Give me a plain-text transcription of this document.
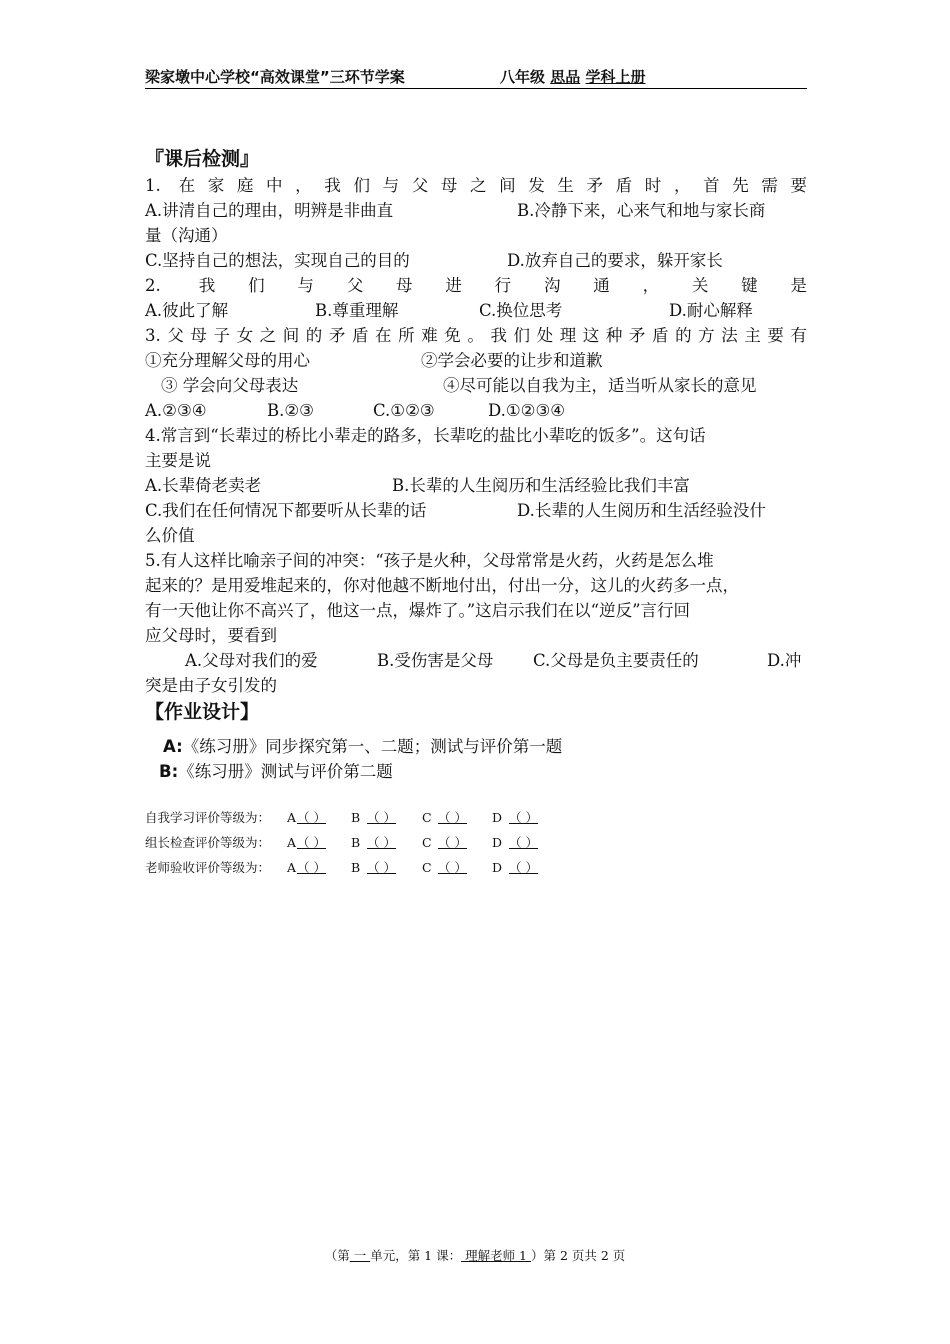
梁家墩中心学校“高效课堂”三环节学案	八年级 思品 学科上册
『课后检测』
1. 在家庭中，我们与父母之间发生矛盾时，首先需要
A.讲清自己的理由，明辨是非曲直	B.冷静下来，心来气和地与家长商
量（沟通）
C.坚持自己的想法，实现自己的目的	D.放弃自己的要求，躲开家长
2. 我们与父母进行沟通，关键是
A.彼此了解	B.尊重理解	C.换位思考	D.耐心解释
3.父母子女之间的矛盾在所难免。我们处理这种矛盾的方法主要有
①充分理解父母的用心	②学会必要的让步和道歉
③ 学会向父母表达	④尽可能以自我为主，适当听从家长的意见
A.②③④	B.②③	C.①②③	D.①②③④
4.常言到“长辈过的桥比小辈走的路多，长辈吃的盐比小辈吃的饭多”。这句话
主要是说
A.长辈倚老卖老	B.长辈的人生阅历和生活经验比我们丰富
C.我们在任何情况下都要听从长辈的话	D.长辈的人生阅历和生活经验没什
么价值
5.有人这样比喻亲子间的冲突：“孩子是火种，父母常常是火药，火药是怎么堆
起来的？是用爱堆起来的，你对他越不断地付出，付出一分，这儿的火药多一点，
有一天他让你不高兴了，他这一点，爆炸了。”这启示我们在以“逆反”言行回
应父母时，要看到
A.父母对我们的爱	B.受伤害是父母 C.父母是负主要责任的	D.冲
突是由子女引发的
【作业设计】
A:《练习册》同步探究第一、二题；测试与评价第一题
B:《练习册》测试与评价第二题
自我学习评价等级为： A （ ） B （ ） C （ ） D （ ）
组长检查评价等级为： A （ ） B （ ） C （ ） D （ ）
老师验收评价等级为： A （ ） B （ ） C （ ） D （ ）
（第 一 单元，第 1 课： 理解老师 1 ）第 2 页共 2 页
